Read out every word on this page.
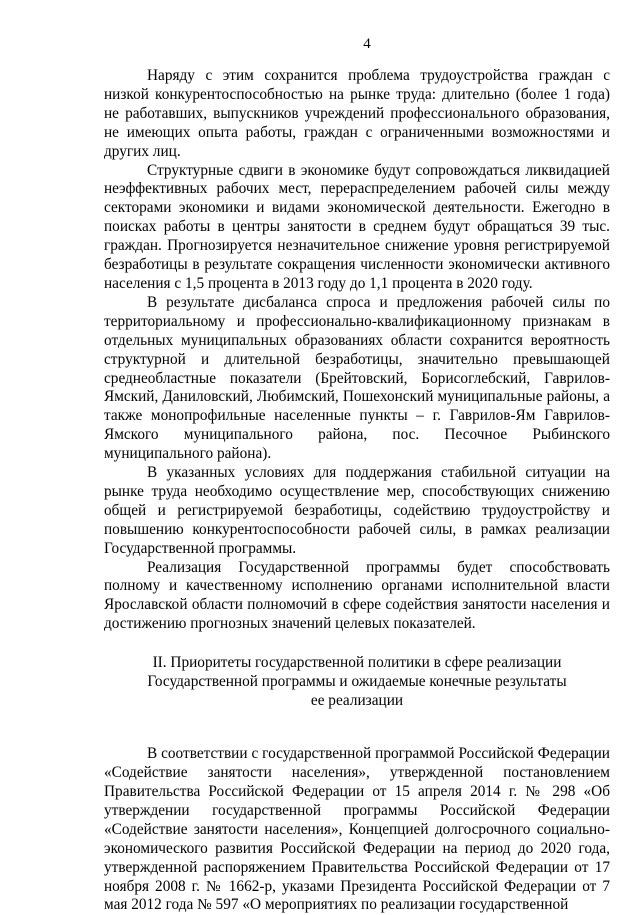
4

Наряду с этим сохранится проблема трудоустройства граждан с низкой конкурентоспособностью на рынке труда: длительно (более 1 года) не работавших, выпускников учреждений профессионального образования, не имеющих опыта работы, граждан с ограниченными возможностями и других лиц.

Структурные сдвиги в экономике будут сопровождаться ликвидацией неэффективных рабочих мест, перераспределением рабочей силы между секторами экономики и видами экономической деятельности. Ежегодно в поисках работы в центры занятости в среднем будут обращаться 39 тыс. граждан. Прогнозируется незначительное снижение уровня регистрируемой безработицы в результате сокращения численности экономически активного населения с 1,5 процента в 2013 году до 1,1 процента в 2020 году.

В результате дисбаланса спроса и предложения рабочей силы по территориальному и профессионально-квалификационному признакам в отдельных муниципальных образованиях области сохранится вероятность структурной и длительной безработицы, значительно превышающей среднеобластные показатели (Брейтовский, Борисоглебский, Гаврилов-Ямский, Даниловский, Любимский, Пошехонский муниципальные районы, а также монопрофильные населенные пункты – г. Гаврилов-Ям Гаврилов-Ямского муниципального района, пос. Песочное Рыбинского муниципального района).

В указанных условиях для поддержания стабильной ситуации на рынке труда необходимо осуществление мер, способствующих снижению общей и регистрируемой безработицы, содействию трудоустройству и повышению конкурентоспособности рабочей силы, в рамках реализации Государственной программы.

Реализация Государственной программы будет способствовать полному и качественному исполнению органами исполнительной власти Ярославской области полномочий в сфере содействия занятости населения и достижению прогнозных значений целевых показателей.

II. Приоритеты государственной политики в сфере реализации
Государственной программы и ожидаемые конечные результаты
ее реализации

В соответствии с государственной программой Российской Федерации «Содействие занятости населения», утвержденной постановлением Правительства Российской Федерации от 15 апреля 2014 г. № 298 «Об утверждении государственной программы Российской Федерации «Содействие занятости населения», Концепцией долгосрочного социально-экономического развития Российской Федерации на период до 2020 года, утвержденной распоряжением Правительства Российской Федерации от 17 ноября 2008 г. № 1662-р, указами Президента Российской Федерации от 7 мая 2012 года № 597 «О мероприятиях по реализации государственной
